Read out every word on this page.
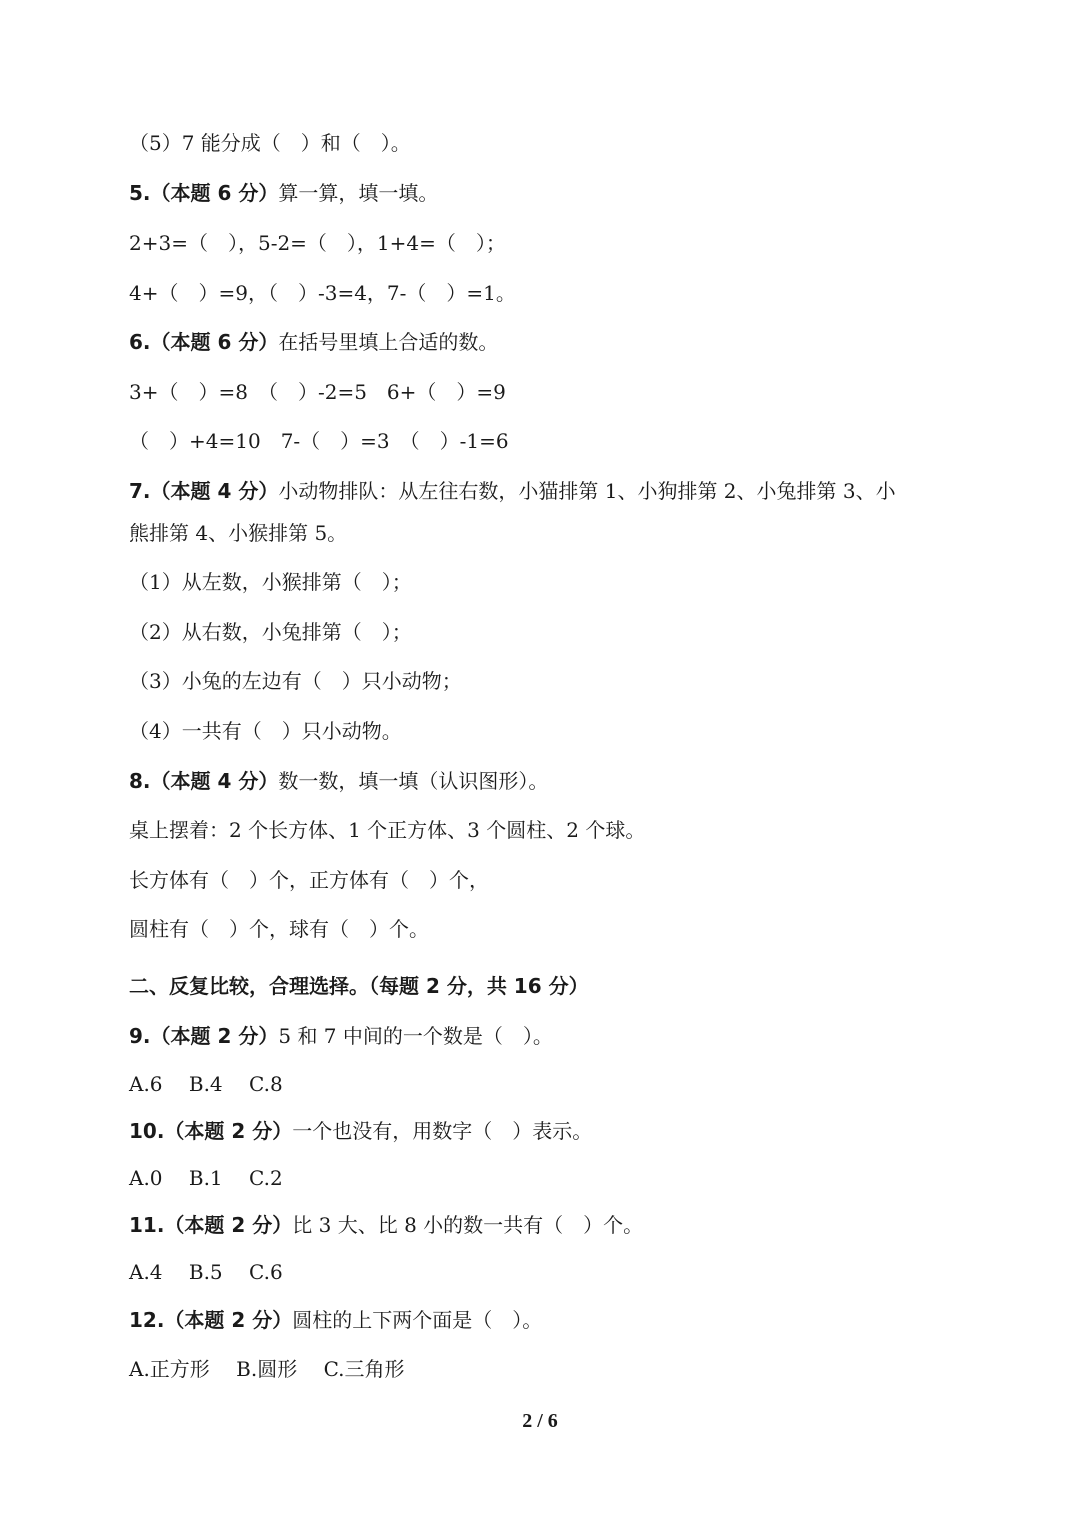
（5）7 能分成（　）和（　）。
5.（本题 6 分）算一算，填一填。
2+3=（　），5-2=（　），1+4=（　）；
4+（　）=9，（　）-3=4，7-（　）=1。
6.（本题 6 分）在括号里填上合适的数。
3+（　）=8　（　）-2=5　6+（　）=9
（　）+4=10　7-（　）=3　（　）-1=6
7.（本题 4 分）小动物排队：从左往右数，小猫排第 1、小狗排第 2、小兔排第 3、小
熊排第 4、小猴排第 5。
（1）从左数，小猴排第（　）；
（2）从右数，小兔排第（　）；
（3）小兔的左边有（　）只小动物；
（4）一共有（　）只小动物。
8.（本题 4 分）数一数，填一填（认识图形）。
桌上摆着：2 个长方体、1 个正方体、3 个圆柱、2 个球。
长方体有（　）个，正方体有（　）个，
圆柱有（　）个，球有（　）个。
二、反复比较，合理选择。（每题 2 分，共 16 分）
9.（本题 2 分）5 和 7 中间的一个数是（　）。
A.6　 B.4　 C.8
10.（本题 2 分）一个也没有，用数字（　）表示。
A.0　 B.1　 C.2
11.（本题 2 分）比 3 大、比 8 小的数一共有（　）个。
A.4　 B.5　 C.6
12.（本题 2 分）圆柱的上下两个面是（　）。
A.正方形　 B.圆形　 C.三角形
2 / 6
